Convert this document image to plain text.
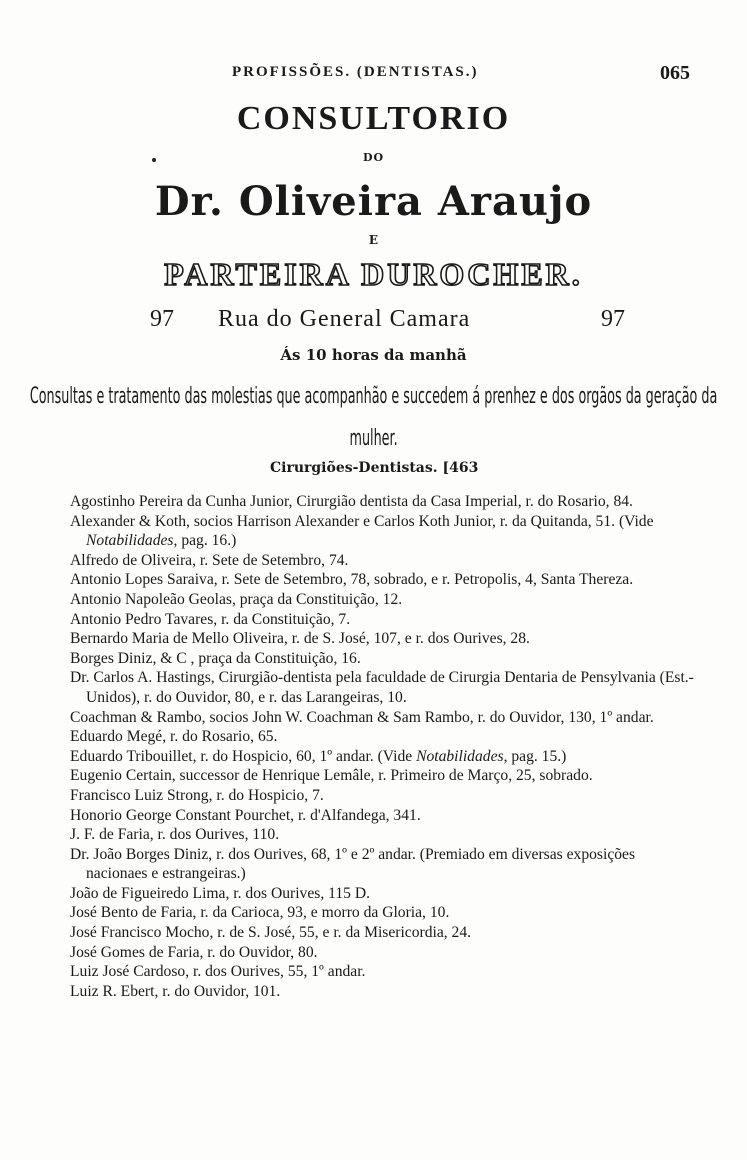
PROFISSÕES. (DENTISTAS.)	065
CONSULTORIO
DO
Dr. Oliveira Araujo
E
PARTEIRA DUROCHER.
97 Rua do General Camara	97
Ás 10 horas da manhã
Consultas e tratamento das molestias que acompanhão e succedem á prenhez e dos orgãos da geração da mulher.
Cirurgiões-Dentistas. [463
Agostinho Pereira da Cunha Junior, Cirurgião dentista da Casa Imperial, r. do Rosario, 84.
Alexander & Koth, socios Harrison Alexander e Carlos Koth Junior, r. da Quitanda, 51. (Vide Notabilidades, pag. 16.)
Alfredo de Oliveira, r. Sete de Setembro, 74.
Antonio Lopes Saraiva, r. Sete de Setembro, 78, sobrado, e r. Petropolis, 4, Santa Thereza.
Antonio Napoleão Geolas, praça da Constituição, 12.
Antonio Pedro Tavares, r. da Constituição, 7.
Bernardo Maria de Mello Oliveira, r. de S. José, 107, e r. dos Ourives, 28.
Borges Diniz, & C , praça da Constituição, 16.
Dr. Carlos A. Hastings, Cirurgião-dentista pela faculdade de Cirurgia Dentaria de Pensylvania (Est.-Unidos), r. do Ouvidor, 80, e r. das Larangeiras, 10.
Coachman & Rambo, socios John W. Coachman & Sam Rambo, r. do Ouvidor, 130, 1º andar.
Eduardo Megé, r. do Rosario, 65.
Eduardo Tribouillet, r. do Hospicio, 60, 1º andar. (Vide Notabilidades, pag. 15.)
Eugenio Certain, successor de Henrique Lemâle, r. Primeiro de Março, 25, sobrado.
Francisco Luiz Strong, r. do Hospicio, 7.
Honorio George Constant Pourchet, r. d'Alfandega, 341.
J. F. de Faria, r. dos Ourives, 110.
Dr. João Borges Diniz, r. dos Ourives, 68, 1º e 2º andar. (Premiado em diversas exposições nacionaes e estrangeiras.)
João de Figueiredo Lima, r. dos Ourives, 115 D.
José Bento de Faria, r. da Carioca, 93, e morro da Gloria, 10.
José Francisco Mocho, r. de S. José, 55, e r. da Misericordia, 24.
José Gomes de Faria, r. do Ouvidor, 80.
Luiz José Cardoso, r. dos Ourives, 55, 1º andar.
Luiz R. Ebert, r. do Ouvidor, 101.
